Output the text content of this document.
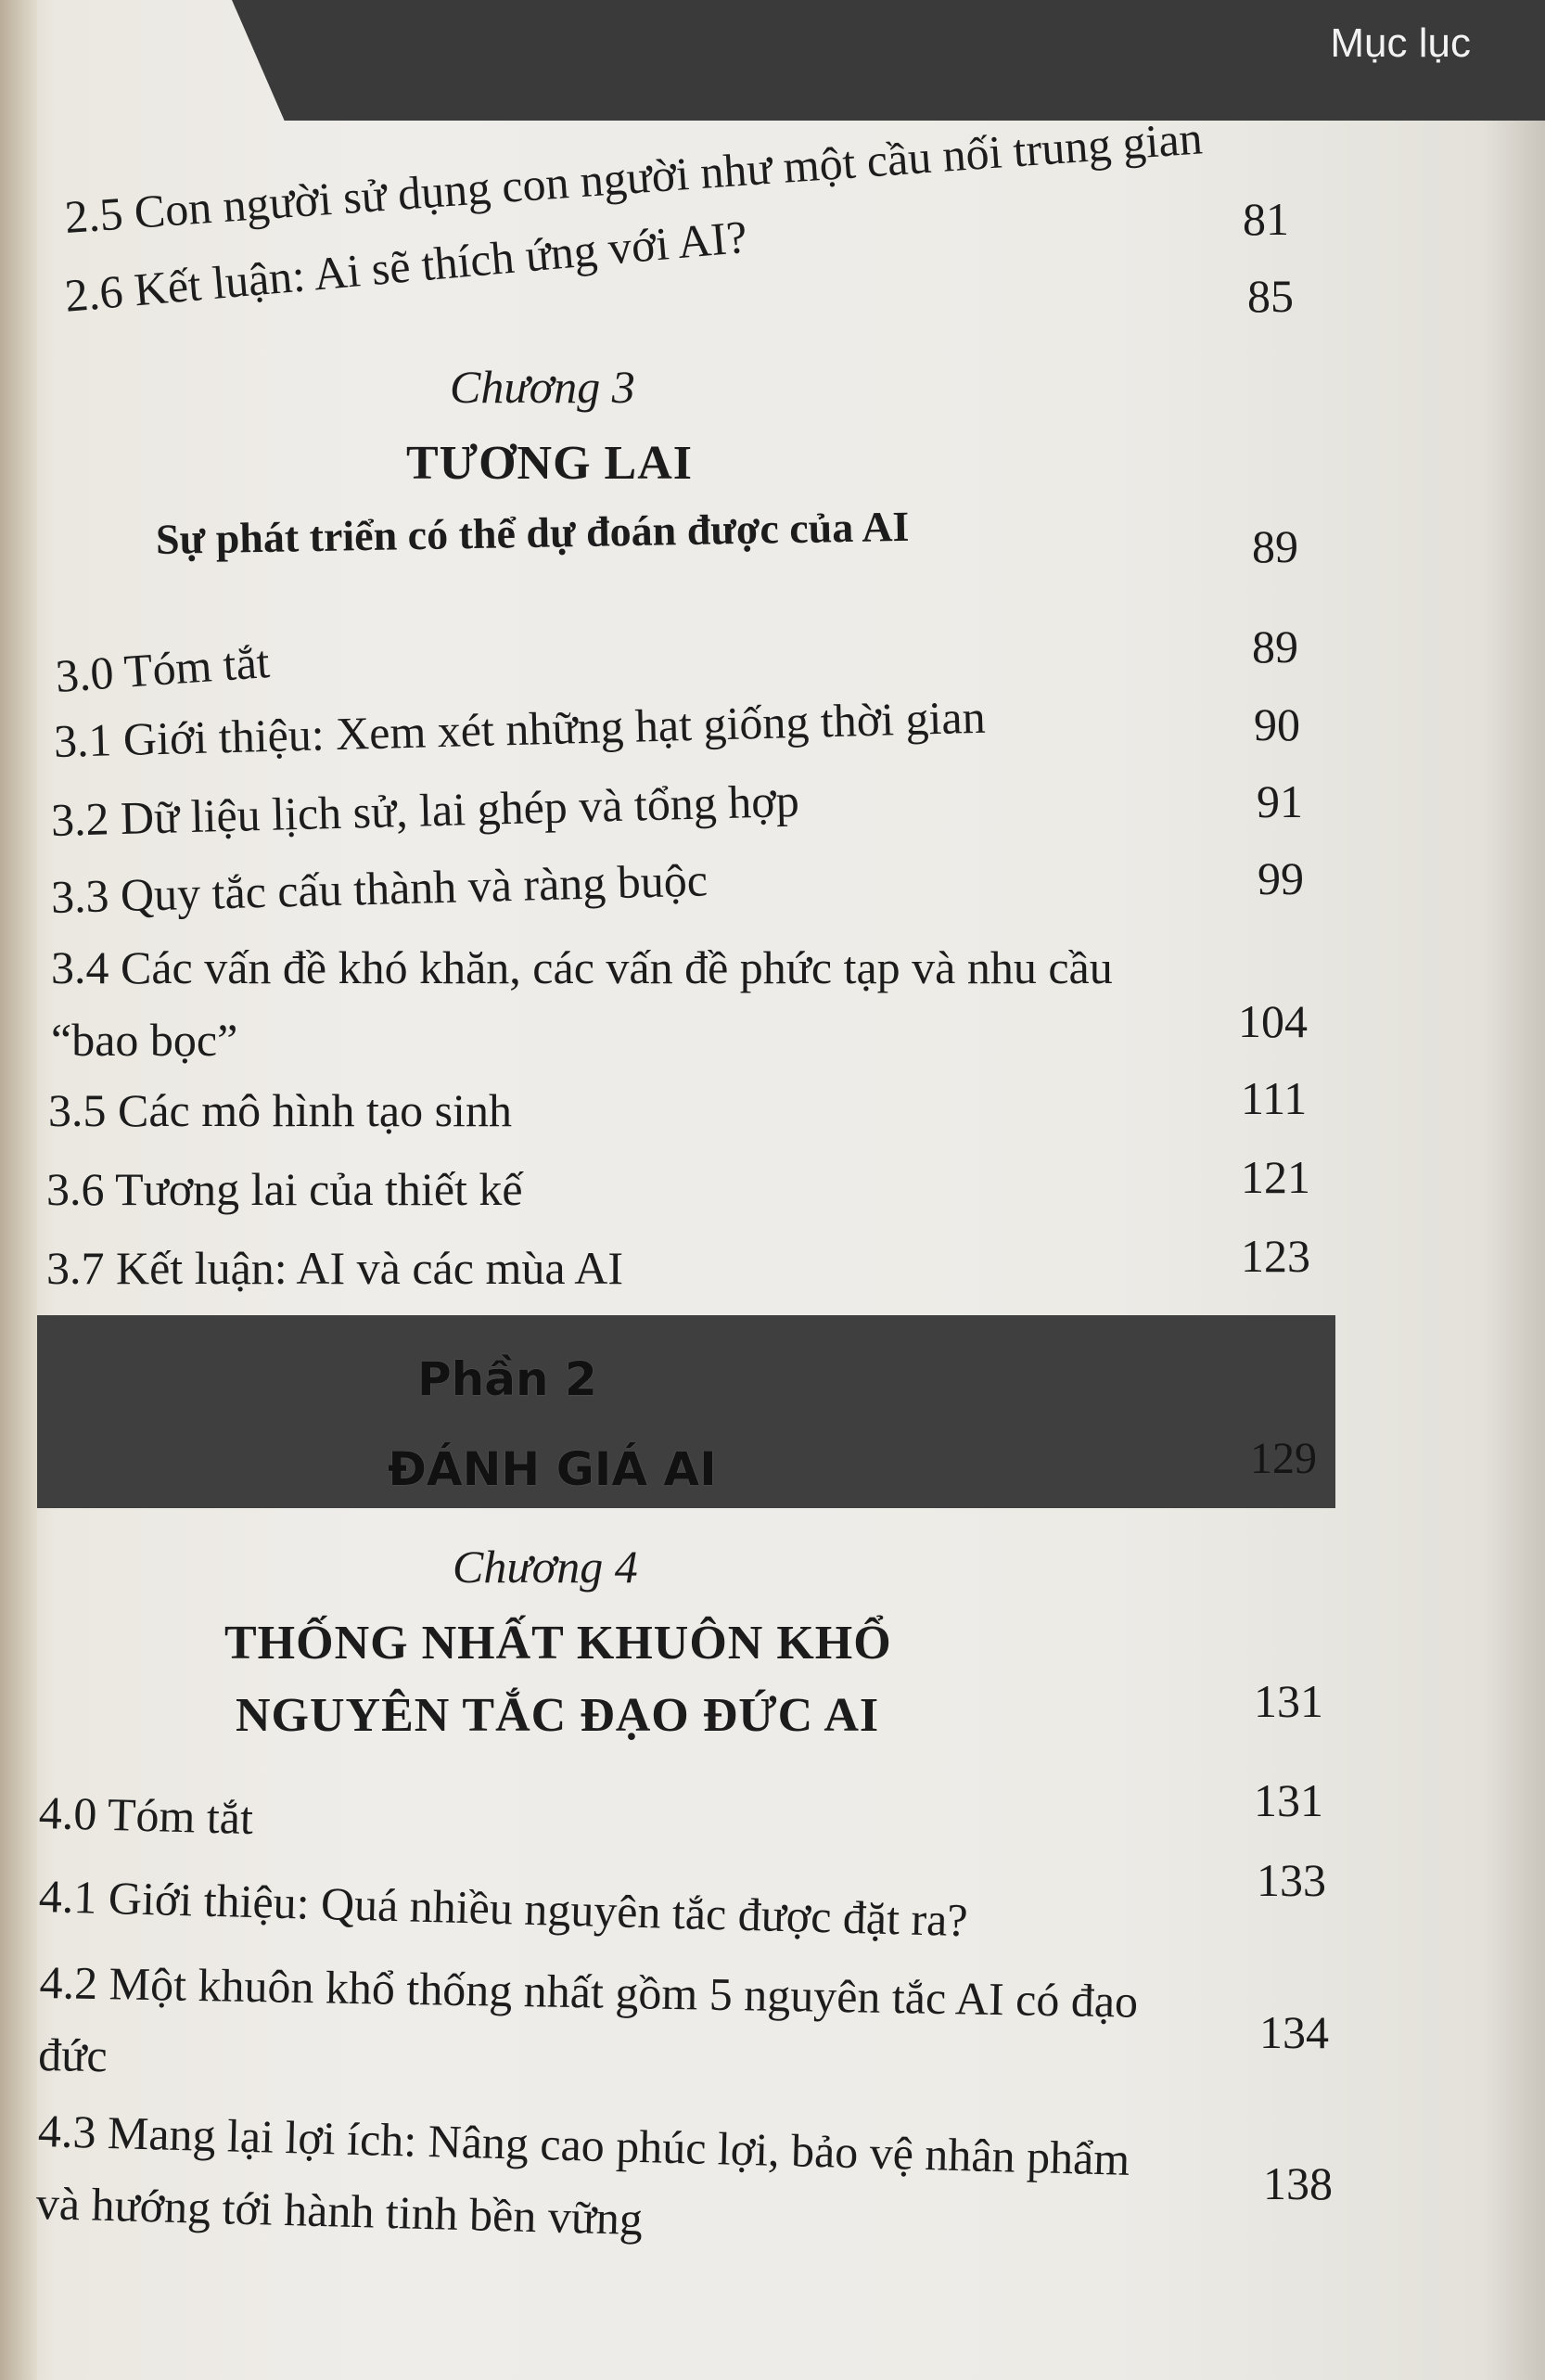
Mục lục
2.5 Con người sử dụng con người như một cầu nối trung gian 81
2.6 Kết luận: Ai sẽ thích ứng với AI?	85
Chương 3
TƯƠNG LAI
Sự phát triển có thể dự đoán được của AI	89
3.0 Tóm tắt	89
3.1 Giới thiệu: Xem xét những hạt giống thời gian	90
3.2 Dữ liệu lịch sử, lai ghép và tổng hợp	91
3.3 Quy tắc cấu thành và ràng buộc	99
3.4 Các vấn đề khó khăn, các vấn đề phức tạp và nhu cầu “bao bọc”	104
3.5 Các mô hình tạo sinh	111
3.6 Tương lai của thiết kế	121
3.7 Kết luận: AI và các mùa AI	123
Phần 2
ĐÁNH GIÁ AI	129
Chương 4
THỐNG NHẤT KHUÔN KHỔ
NGUYÊN TẮC ĐẠO ĐỨC AI	131
4.0 Tóm tắt	131
4.1 Giới thiệu: Quá nhiều nguyên tắc được đặt ra?	133
4.2 Một khuôn khổ thống nhất gồm 5 nguyên tắc AI có đạo đức	134
4.3 Mang lại lợi ích: Nâng cao phúc lợi, bảo vệ nhân phẩm và hướng tới hành tinh bền vững	138
